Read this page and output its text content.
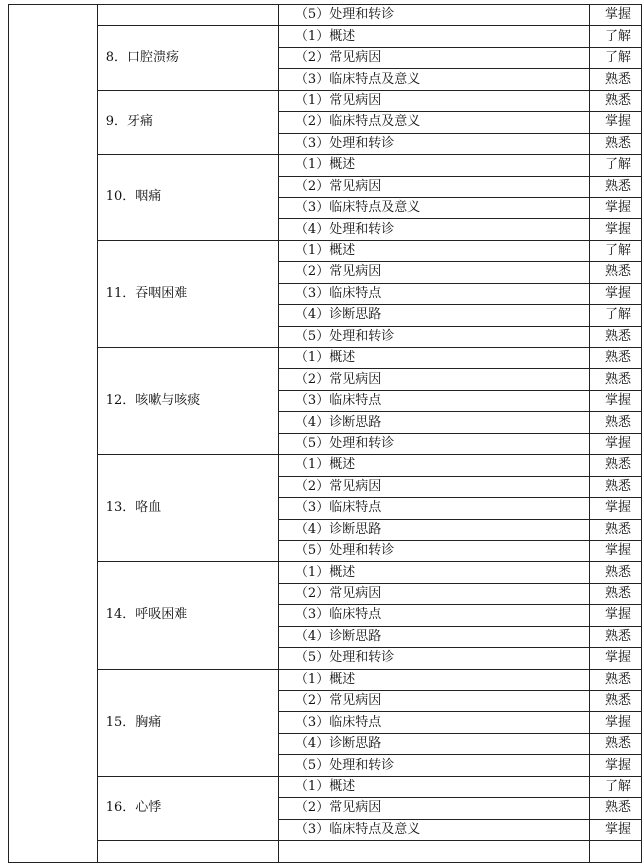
		（5）处理和转诊	掌握
	8．口腔溃疡	（1）概述	了解
		（2）常见病因	了解
		（3）临床特点及意义	熟悉
	9．牙痛	（1）常见病因	熟悉
		（2）临床特点及意义	掌握
		（3）处理和转诊	熟悉
	10．咽痛	（1）概述	了解
		（2）常见病因	熟悉
		（3）临床特点及意义	掌握
		（4）处理和转诊	掌握
	11．吞咽困难	（1）概述	了解
		（2）常见病因	熟悉
		（3）临床特点	掌握
		（4）诊断思路	了解
		（5）处理和转诊	熟悉
	12．咳嗽与咳痰	（1）概述	熟悉
		（2）常见病因	熟悉
		（3）临床特点	掌握
		（4）诊断思路	熟悉
		（5）处理和转诊	掌握
	13．咯血	（1）概述	熟悉
		（2）常见病因	熟悉
		（3）临床特点	掌握
		（4）诊断思路	熟悉
		（5）处理和转诊	掌握
	14．呼吸困难	（1）概述	熟悉
		（2）常见病因	熟悉
		（3）临床特点	掌握
		（4）诊断思路	熟悉
		（5）处理和转诊	掌握
	15．胸痛	（1）概述	熟悉
		（2）常见病因	熟悉
		（3）临床特点	掌握
		（4）诊断思路	熟悉
		（5）处理和转诊	掌握
	16．心悸	（1）概述	了解
		（2）常见病因	熟悉
		（3）临床特点及意义	掌握
